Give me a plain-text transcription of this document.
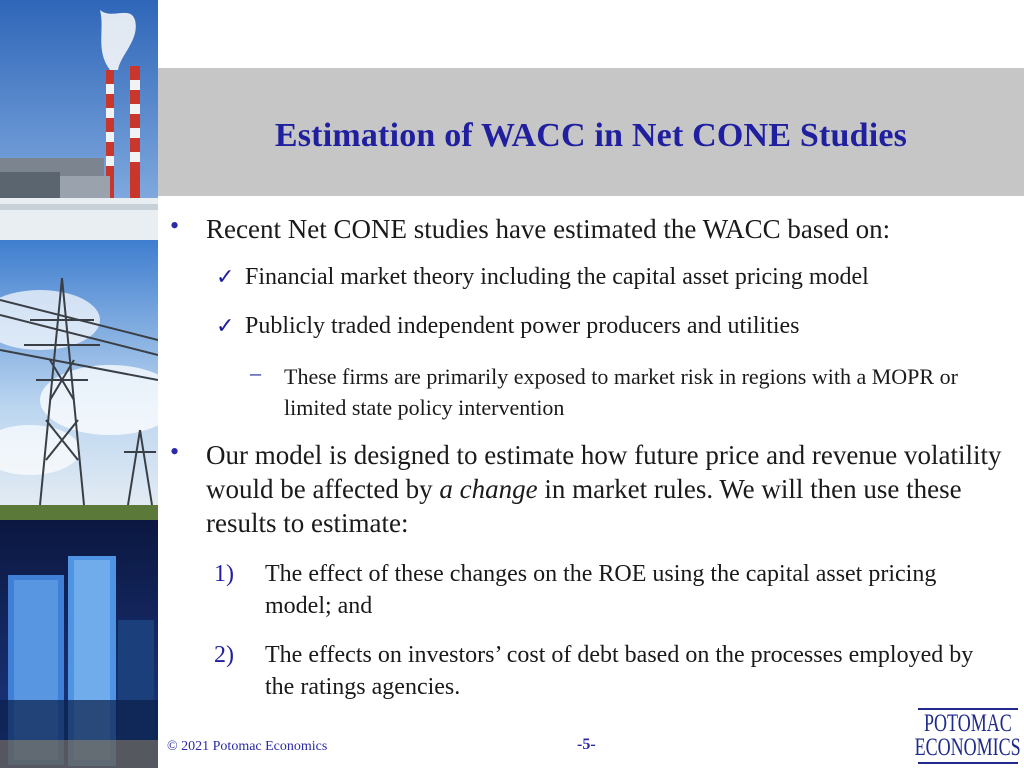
Estimation of WACC in Net CONE Studies
• Recent Net CONE studies have estimated the WACC based on:
✓ Financial market theory including the capital asset pricing model
✓ Publicly traded independent power producers and utilities
– These firms are primarily exposed to market risk in regions with a MOPR or limited state policy intervention
• Our model is designed to estimate how future price and revenue volatility would be affected by a change in market rules. We will then use these results to estimate:
1) The effect of these changes on the ROE using the capital asset pricing model; and
2) The effects on investors’ cost of debt based on the processes employed by the ratings agencies.
© 2021 Potomac Economics	-5-
POTOMAC
ECONOMICS
